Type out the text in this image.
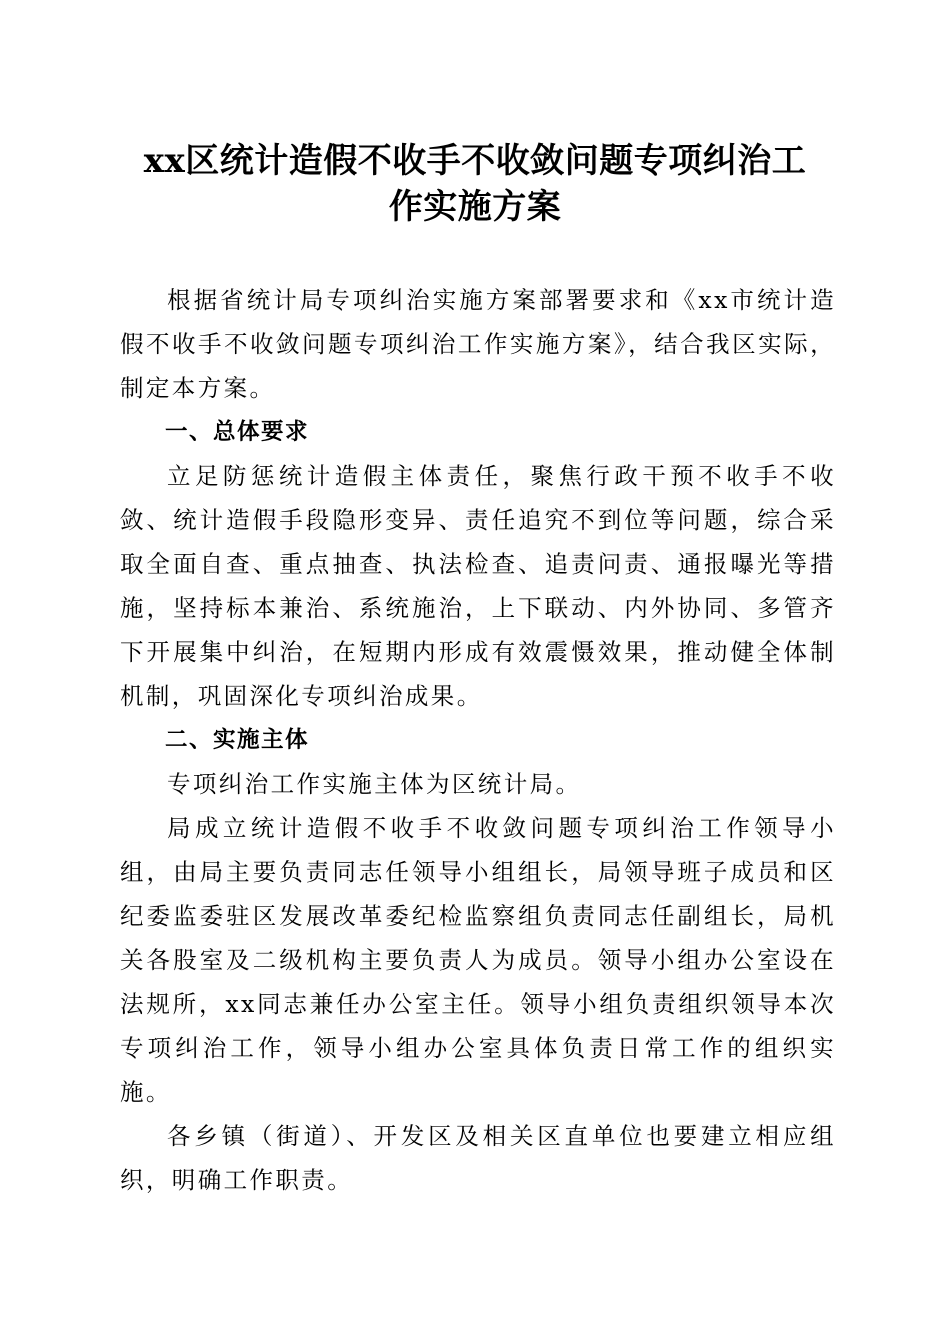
xx区统计造假不收手不收敛问题专项纠治工
作实施方案

根据省统计局专项纠治实施方案部署要求和《xx市统计造假不收手不收敛问题专项纠治工作实施方案》，结合我区实际，制定本方案。

一、总体要求

立足防惩统计造假主体责任，聚焦行政干预不收手不收敛、统计造假手段隐形变异、责任追究不到位等问题，综合采取全面自查、重点抽查、执法检查、追责问责、通报曝光等措施，坚持标本兼治、系统施治，上下联动、内外协同、多管齐下开展集中纠治，在短期内形成有效震慑效果，推动健全体制机制，巩固深化专项纠治成果。

二、实施主体

专项纠治工作实施主体为区统计局。

局成立统计造假不收手不收敛问题专项纠治工作领导小组，由局主要负责同志任领导小组组长，局领导班子成员和区纪委监委驻区发展改革委纪检监察组负责同志任副组长，局机关各股室及二级机构主要负责人为成员。领导小组办公室设在法规所，xx同志兼任办公室主任。领导小组负责组织领导本次专项纠治工作，领导小组办公室具体负责日常工作的组织实施。

各乡镇（街道）、开发区及相关区直单位也要建立相应组织，明确工作职责。
